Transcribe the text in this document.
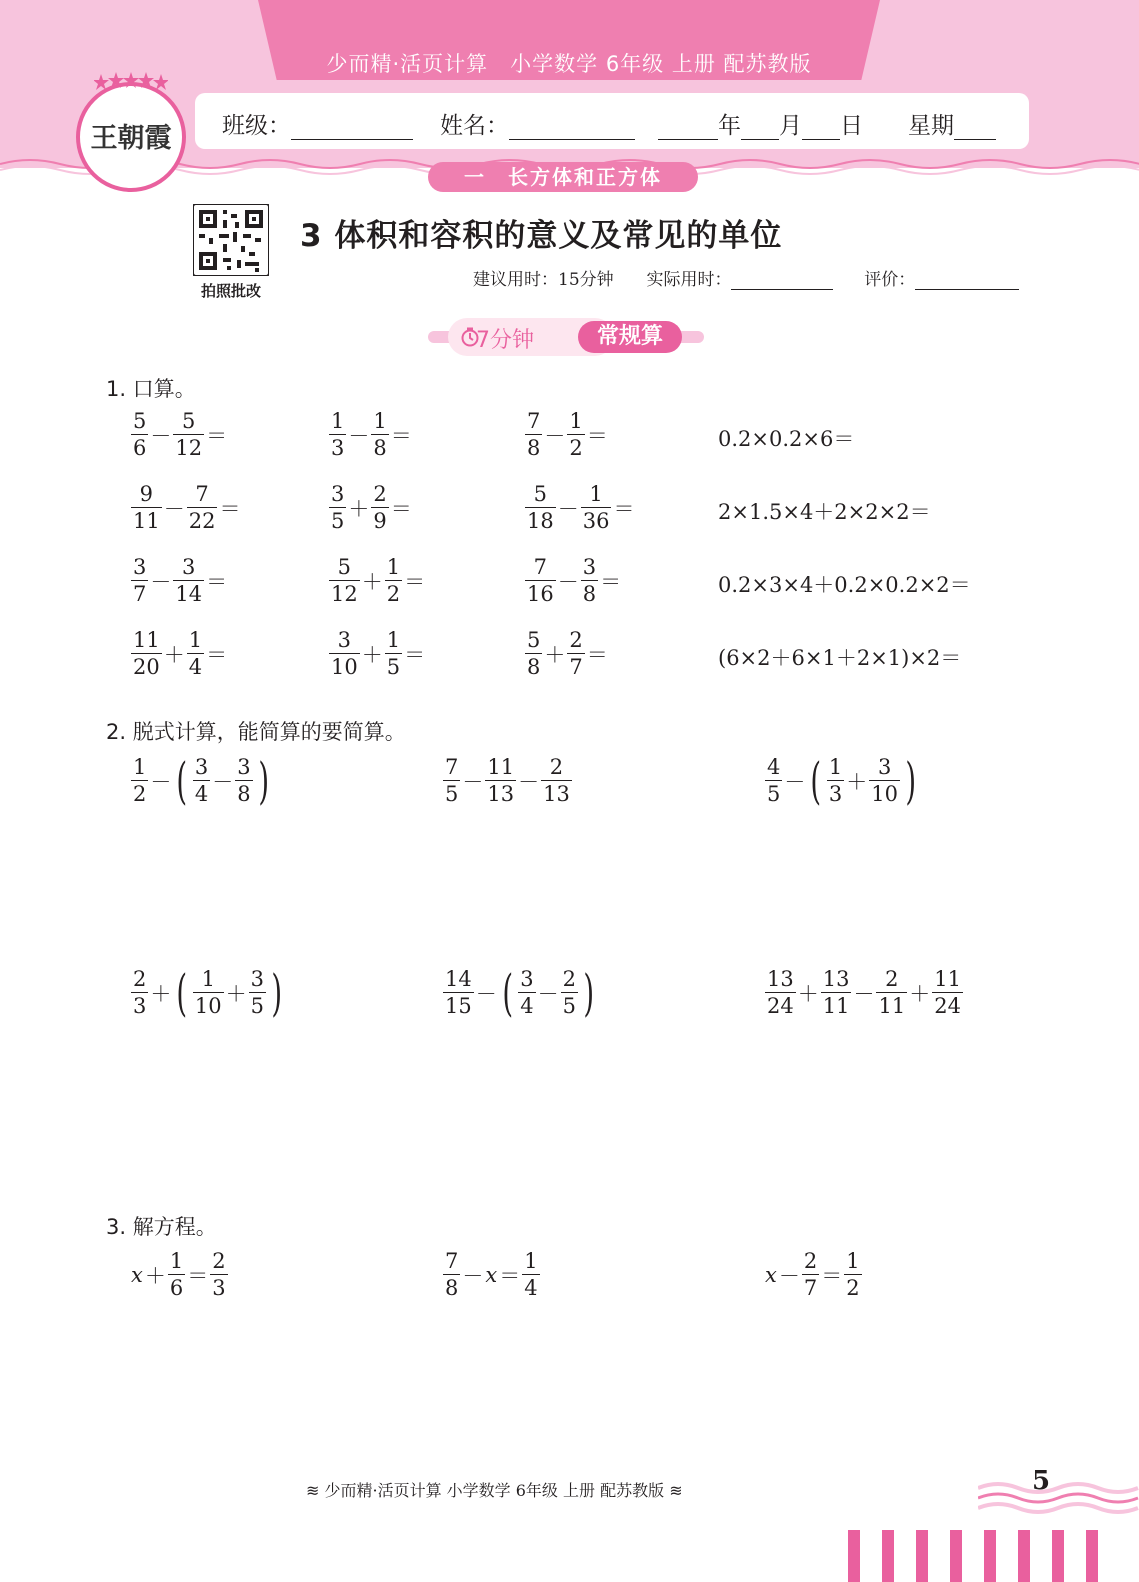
少而精·活页计算　小学数学 6年级 上册 配苏教版
班级：	姓名：	年 月 日 星期
一　长方体和正方体
王朝霞
拍照批改
3 体积和容积的意义及常见的单位
建议用时：15分钟 实际用时：	评价：
7分钟	常规算
1. 口算。
$\frac{5}{6} - \frac{5}{12}$ ＝	$\frac{1}{3} - \frac{1}{8}$ ＝	$\frac{7}{8} - \frac{1}{2}$ ＝	0.2×0.2×6＝
$\frac{9}{11} - \frac{7}{22}$ ＝	$\frac{3}{5} + \frac{2}{9}$ ＝	$\frac{5}{18} - \frac{1}{36}$ ＝	2×1.5×4＋2×2×2＝
$\frac{3}{7} - \frac{3}{14}$ ＝	$\frac{5}{12} + \frac{1}{2}$ ＝	$\frac{7}{16} - \frac{3}{8}$ ＝	0.2×3×4＋0.2×0.2×2＝
$\frac{11}{20} + \frac{1}{4}$ ＝	$\frac{3}{10} + \frac{1}{5}$ ＝	$\frac{5}{8} + \frac{2}{7}$ ＝	(6×2＋6×1＋2×1)×2＝
2. 脱式计算，能简算的要简算。
$\frac{1}{2}$ － ( $\frac{3}{4} - \frac{3}{8}$ )	$\frac{7}{5} - \frac{11}{13} - \frac{2}{13}$	$\frac{4}{5}$ － ( $\frac{1}{3} + \frac{3}{10}$ )
$\frac{2}{3}$ ＋ ( $\frac{1}{10} + \frac{3}{5}$ )	$\frac{14}{15}$ － ( $\frac{3}{4} - \frac{2}{5}$ )	$\frac{13}{24} + \frac{13}{11} - \frac{2}{11} + \frac{11}{24}$
3. 解方程。
$x+ \frac{1}{6} = \frac{2}{3}$	$\frac{7}{8} -x= \frac{1}{4}$	$x- \frac{2}{7} = \frac{1}{2}$
≋ 少而精·活页计算 小学数学 6年级 上册 配苏教版 ≋	5
